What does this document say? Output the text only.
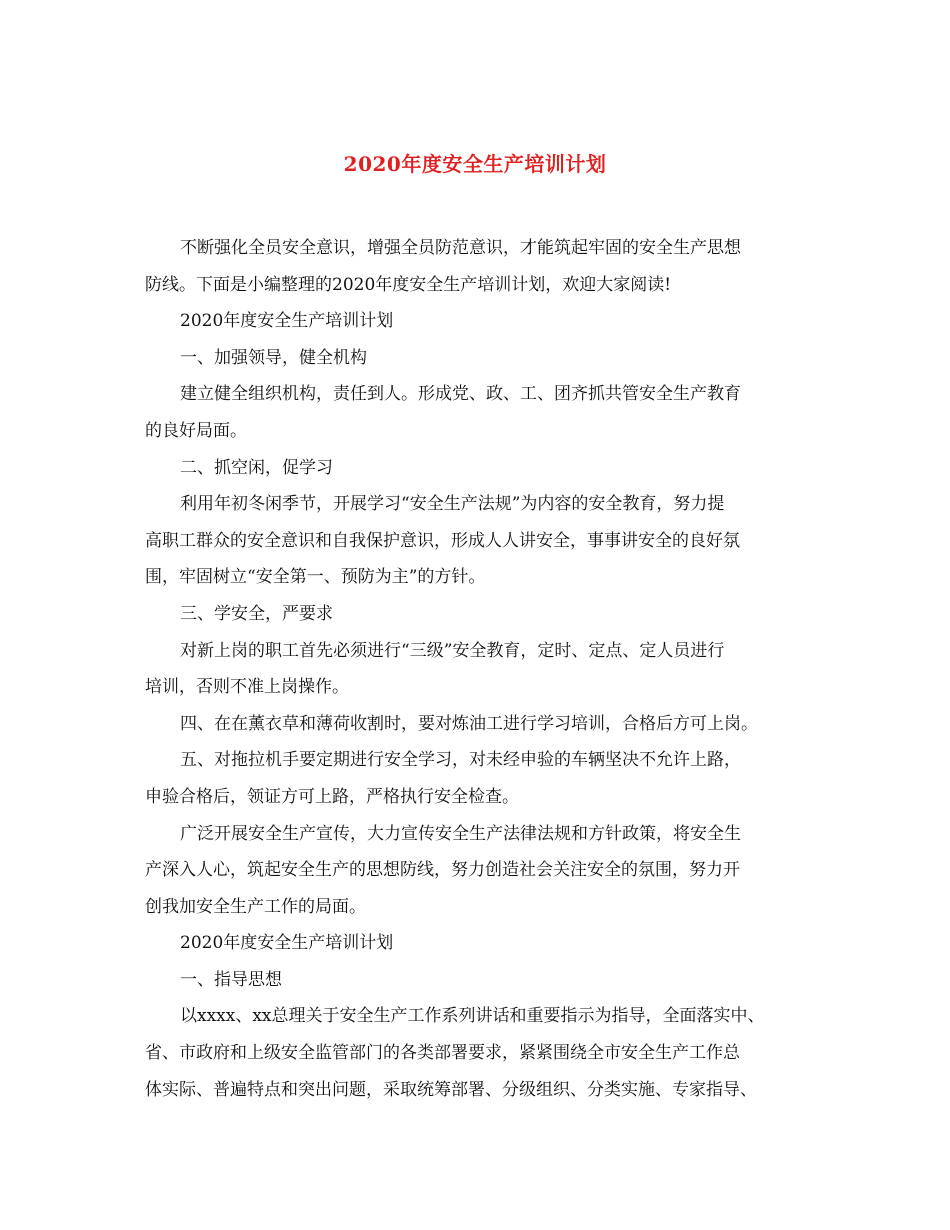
2020年度安全生产培训计划

不断强化全员安全意识，增强全员防范意识，才能筑起牢固的安全生产思想

防线。下面是小编整理的2020年度安全生产培训计划，欢迎大家阅读!

2020年度安全生产培训计划

一、加强领导，健全机构

建立健全组织机构，责任到人。形成党、政、工、团齐抓共管安全生产教育

的良好局面。

二、抓空闲，促学习

利用年初冬闲季节，开展学习“安全生产法规”为内容的安全教育，努力提

高职工群众的安全意识和自我保护意识，形成人人讲安全，事事讲安全的良好氛

围，牢固树立“安全第一、预防为主”的方针。

三、学安全，严要求

对新上岗的职工首先必须进行“三级”安全教育，定时、定点、定人员进行

培训，否则不准上岗操作。

四、在在薰衣草和薄荷收割时，要对炼油工进行学习培训，合格后方可上岗。

五、对拖拉机手要定期进行安全学习，对未经申验的车辆坚决不允许上路，

申验合格后，领证方可上路，严格执行安全检查。

广泛开展安全生产宣传，大力宣传安全生产法律法规和方针政策，将安全生

产深入人心，筑起安全生产的思想防线，努力创造社会关注安全的氛围，努力开

创我加安全生产工作的局面。

2020年度安全生产培训计划

一、指导思想

以xxxx、xx总理关于安全生产工作系列讲话和重要指示为指导，全面落实中、

省、市政府和上级安全监管部门的各类部署要求，紧紧围绕全市安全生产工作总

体实际、普遍特点和突出问题，采取统筹部署、分级组织、分类实施、专家指导、
